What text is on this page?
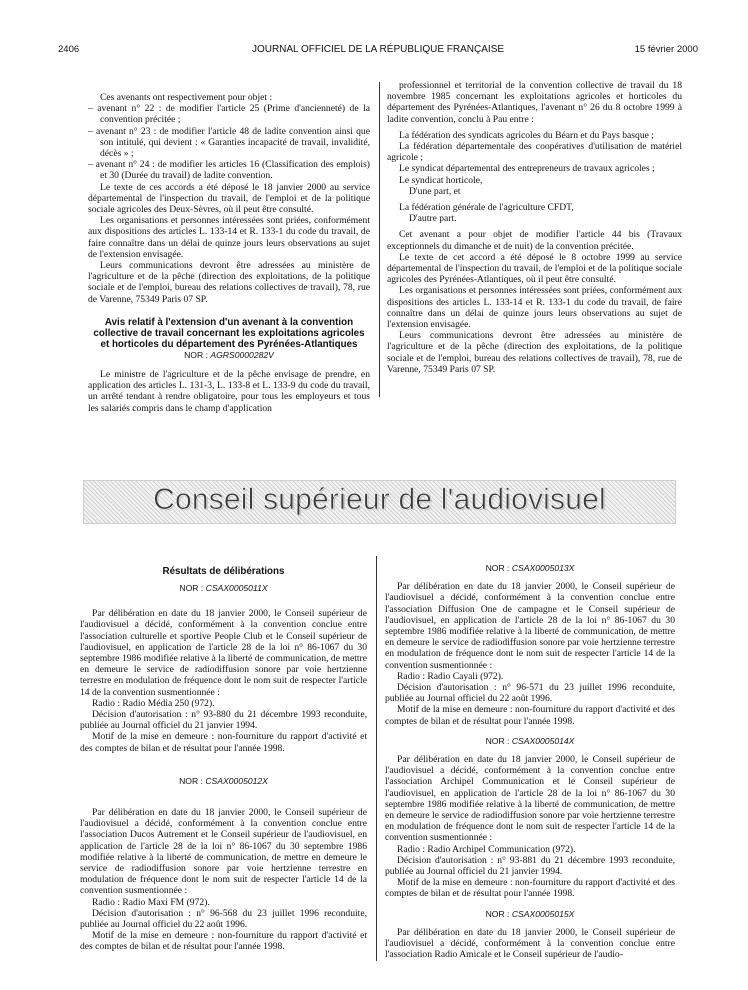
2406	JOURNAL OFFICIEL DE LA RÉPUBLIQUE FRANÇAISE	15 février 2000

Ces avenants ont respectivement pour objet :

– avenant n° 22 : de modifier l'article 25 (Prime d'ancienneté) de la convention précitée ;

– avenant n° 23 : de modifier l'article 48 de ladite convention ainsi que son intitulé, qui devient : « Garanties incapacité de travail, invalidité, décès » ;

– avenant n° 24 : de modifier les articles 16 (Classification des emplois) et 30 (Durée du travail) de ladite convention.

Le texte de ces accords a été déposé le 18 janvier 2000 au service départemental de l'inspection du travail, de l'emploi et de la politique sociale agricoles des Deux-Sèvres, où il peut être consulté.

Les organisations et personnes intéressées sont priées, conformément aux dispositions des articles L. 133-14 et R. 133-1 du code du travail, de faire connaître dans un délai de quinze jours leurs observations au sujet de l'extension envisagée.

Leurs communications devront être adressées au ministère de l'agriculture et de la pêche (direction des exploitations, de la politique sociale et de l'emploi, bureau des relations collectives de travail), 78, rue de Varenne, 75349 Paris 07 SP.

Avis relatif à l'extension d'un avenant à la convention collective de travail concernant les exploitations agricoles et horticoles du département des Pyrénées-Atlantiques

NOR : AGRS0000282V

Le ministre de l'agriculture et de la pêche envisage de prendre, en application des articles L. 131-3, L. 133-8 et L. 133-9 du code du travail, un arrêté tendant à rendre obligatoire, pour tous les employeurs et tous les salariés compris dans le champ d'application

professionnel et territorial de la convention collective de travail du 18 novembre 1985 concernant les exploitations agricoles et horticoles du département des Pyrénées-Atlantiques, l'avenant n° 26 du 8 octobre 1999 à ladite convention, conclu à Pau entre :

La fédération des syndicats agricoles du Béarn et du Pays basque ;

La fédération départementale des coopératives d'utilisation de matériel agricole ;

Le syndicat départemental des entrepreneurs de travaux agricoles ;

Le syndicat horticole,

D'une part, et

La fédération générale de l'agriculture CFDT,

D'autre part.

Cet avenant a pour objet de modifier l'article 44 bis (Travaux exceptionnels du dimanche et de nuit) de la convention précitée.

Le texte de cet accord a été déposé le 8 octobre 1999 au service départemental de l'inspection du travail, de l'emploi et de la politique sociale agricoles des Pyrénées-Atlantiques, où il peut être consulté.

Les organisations et personnes intéressées sont priées, conformément aux dispositions des articles L. 133-14 et R. 133-1 du code du travail, de faire connaître dans un délai de quinze jours leurs observations au sujet de l'extension envisagée.

Leurs communications devront être adressées au ministère de l'agriculture et de la pêche (direction des exploitations, de la politique sociale et de l'emploi, bureau des relations collectives de travail), 78, rue de Varenne, 75349 Paris 07 SP.

Conseil supérieur de l'audiovisuel

Résultats de délibérations

NOR : CSAX0005011X

Par délibération en date du 18 janvier 2000, le Conseil supérieur de l'audiovisuel a décidé, conformément à la convention conclue entre l'association culturelle et sportive People Club et le Conseil supérieur de l'audiovisuel, en application de l'article 28 de la loi n° 86-1067 du 30 septembre 1986 modifiée relative à la liberté de communication, de mettre en demeure le service de radiodiffusion sonore par voie hertzienne terrestre en modulation de fréquence dont le nom suit de respecter l'article 14 de la convention susmentionnée :

Radio : Radio Média 250 (972).

Décision d'autorisation : n° 93-880 du 21 décembre 1993 reconduite, publiée au Journal officiel du 21 janvier 1994.

Motif de la mise en demeure : non-fourniture du rapport d'activité et des comptes de bilan et de résultat pour l'année 1998.

NOR : CSAX0005012X

Par délibération en date du 18 janvier 2000, le Conseil supérieur de l'audiovisuel a décidé, conformément à la convention conclue entre l'association Ducos Autrement et le Conseil supérieur de l'audiovisuel, en application de l'article 28 de la loi n° 86-1067 du 30 septembre 1986 modifiée relative à la liberté de communication, de mettre en demeure le service de radiodiffusion sonore par voie hertzienne terrestre en modulation de fréquence dont le nom suit de respecter l'article 14 de la convention susmentionnée :

Radio : Radio Maxi FM (972).

Décision d'autorisation : n° 96-568 du 23 juillet 1996 reconduite, publiée au Journal officiel du 22 août 1996.

Motif de la mise en demeure : non-fourniture du rapport d'activité et des comptes de bilan et de résultat pour l'année 1998.

NOR : CSAX0005013X

Par délibération en date du 18 janvier 2000, le Conseil supérieur de l'audiovisuel a décidé, conformément à la convention conclue entre l'association Diffusion One de campagne et le Conseil supérieur de l'audiovisuel, en application de l'article 28 de la loi n° 86-1067 du 30 septembre 1986 modifiée relative à la liberté de communication, de mettre en demeure le service de radiodiffusion sonore par voie hertzienne terrestre en modulation de fréquence dont le nom suit de respecter l'article 14 de la convention susmentionnée :

Radio : Radio Cayali (972).

Décision d'autorisation : n° 96-571 du 23 juillet 1996 reconduite, publiée au Journal officiel du 22 août 1996.

Motif de la mise en demeure : non-fourniture du rapport d'activité et des comptes de bilan et de résultat pour l'année 1998.

NOR : CSAX0005014X

Par délibération en date du 18 janvier 2000, le Conseil supérieur de l'audiovisuel a décidé, conformément à la convention conclue entre l'association Archipel Communication et le Conseil supérieur de l'audiovisuel, en application de l'article 28 de la loi n° 86-1067 du 30 septembre 1986 modifiée relative à la liberté de communication, de mettre en demeure le service de radiodiffusion sonore par voie hertzienne terrestre en modulation de fréquence dont le nom suit de respecter l'article 14 de la convention susmentionnée :

Radio : Radio Archipel Communication (972).

Décision d'autorisation : n° 93-881 du 21 décembre 1993 reconduite, publiée au Journal officiel du 21 janvier 1994.

Motif de la mise en demeure : non-fourniture du rapport d'activité et des comptes de bilan et de résultat pour l'année 1998.

NOR : CSAX0005015X

Par délibération en date du 18 janvier 2000, le Conseil supérieur de l'audiovisuel a décidé, conformément à la convention conclue entre l'association Radio Amicale et le Conseil supérieur de l'audio-
